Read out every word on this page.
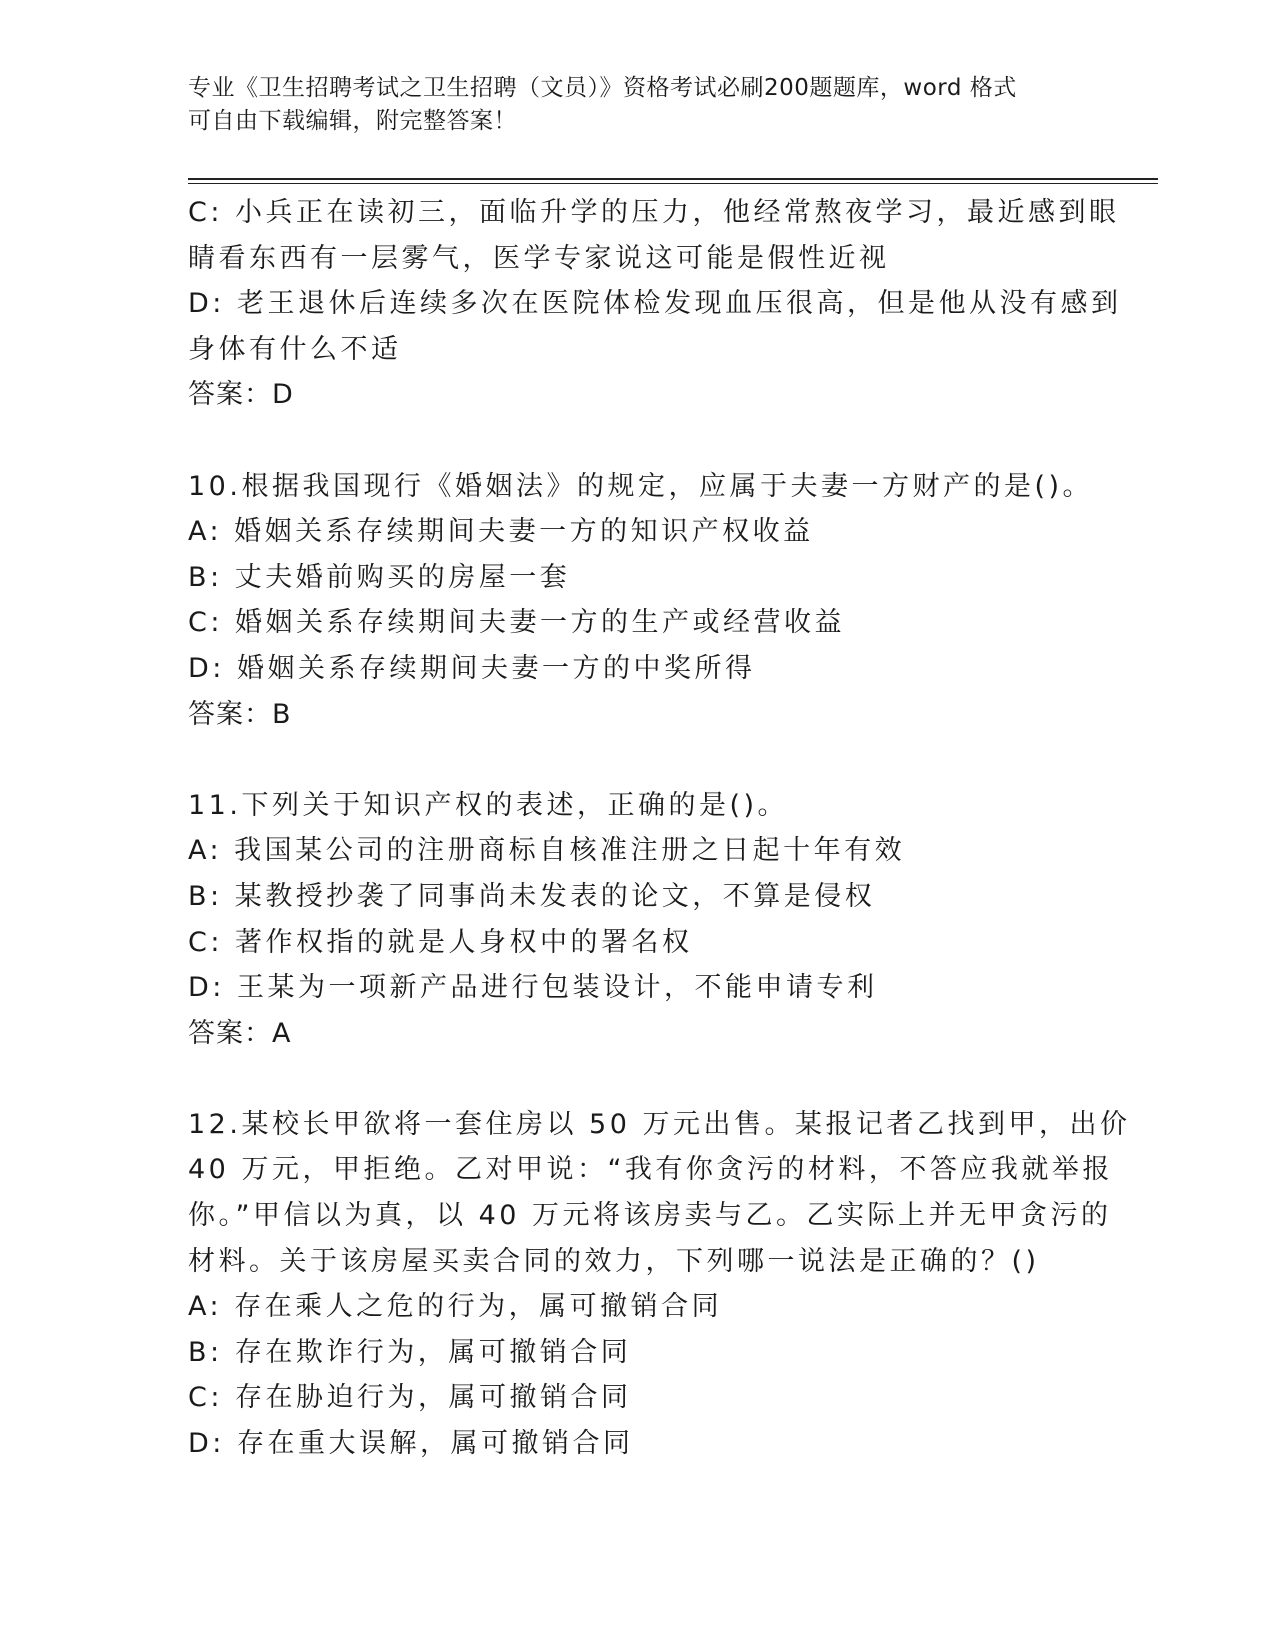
专业《卫生招聘考试之卫生招聘（文员）》资格考试必刷200题题库，word 格式
可自由下载编辑，附完整答案！
C: 小兵正在读初三，面临升学的压力，他经常熬夜学习，最近感到眼
睛看东西有一层雾气，医学专家说这可能是假性近视
D: 老王退休后连续多次在医院体检发现血压很高，但是他从没有感到
身体有什么不适
答案：D
10.根据我国现行《婚姻法》的规定，应属于夫妻一方财产的是()。
A: 婚姻关系存续期间夫妻一方的知识产权收益
B: 丈夫婚前购买的房屋一套
C: 婚姻关系存续期间夫妻一方的生产或经营收益
D: 婚姻关系存续期间夫妻一方的中奖所得
答案：B
11.下列关于知识产权的表述，正确的是()。
A: 我国某公司的注册商标自核准注册之日起十年有效
B: 某教授抄袭了同事尚未发表的论文，不算是侵权
C: 著作权指的就是人身权中的署名权
D: 王某为一项新产品进行包装设计，不能申请专利
答案：A
12.某校长甲欲将一套住房以 50 万元出售。某报记者乙找到甲，出价
40 万元，甲拒绝。乙对甲说：“我有你贪污的材料，不答应我就举报
你。”甲信以为真，以 40 万元将该房卖与乙。乙实际上并无甲贪污的
材料。关于该房屋买卖合同的效力，下列哪一说法是正确的？()
A: 存在乘人之危的行为，属可撤销合同
B: 存在欺诈行为，属可撤销合同
C: 存在胁迫行为，属可撤销合同
D: 存在重大误解，属可撤销合同
